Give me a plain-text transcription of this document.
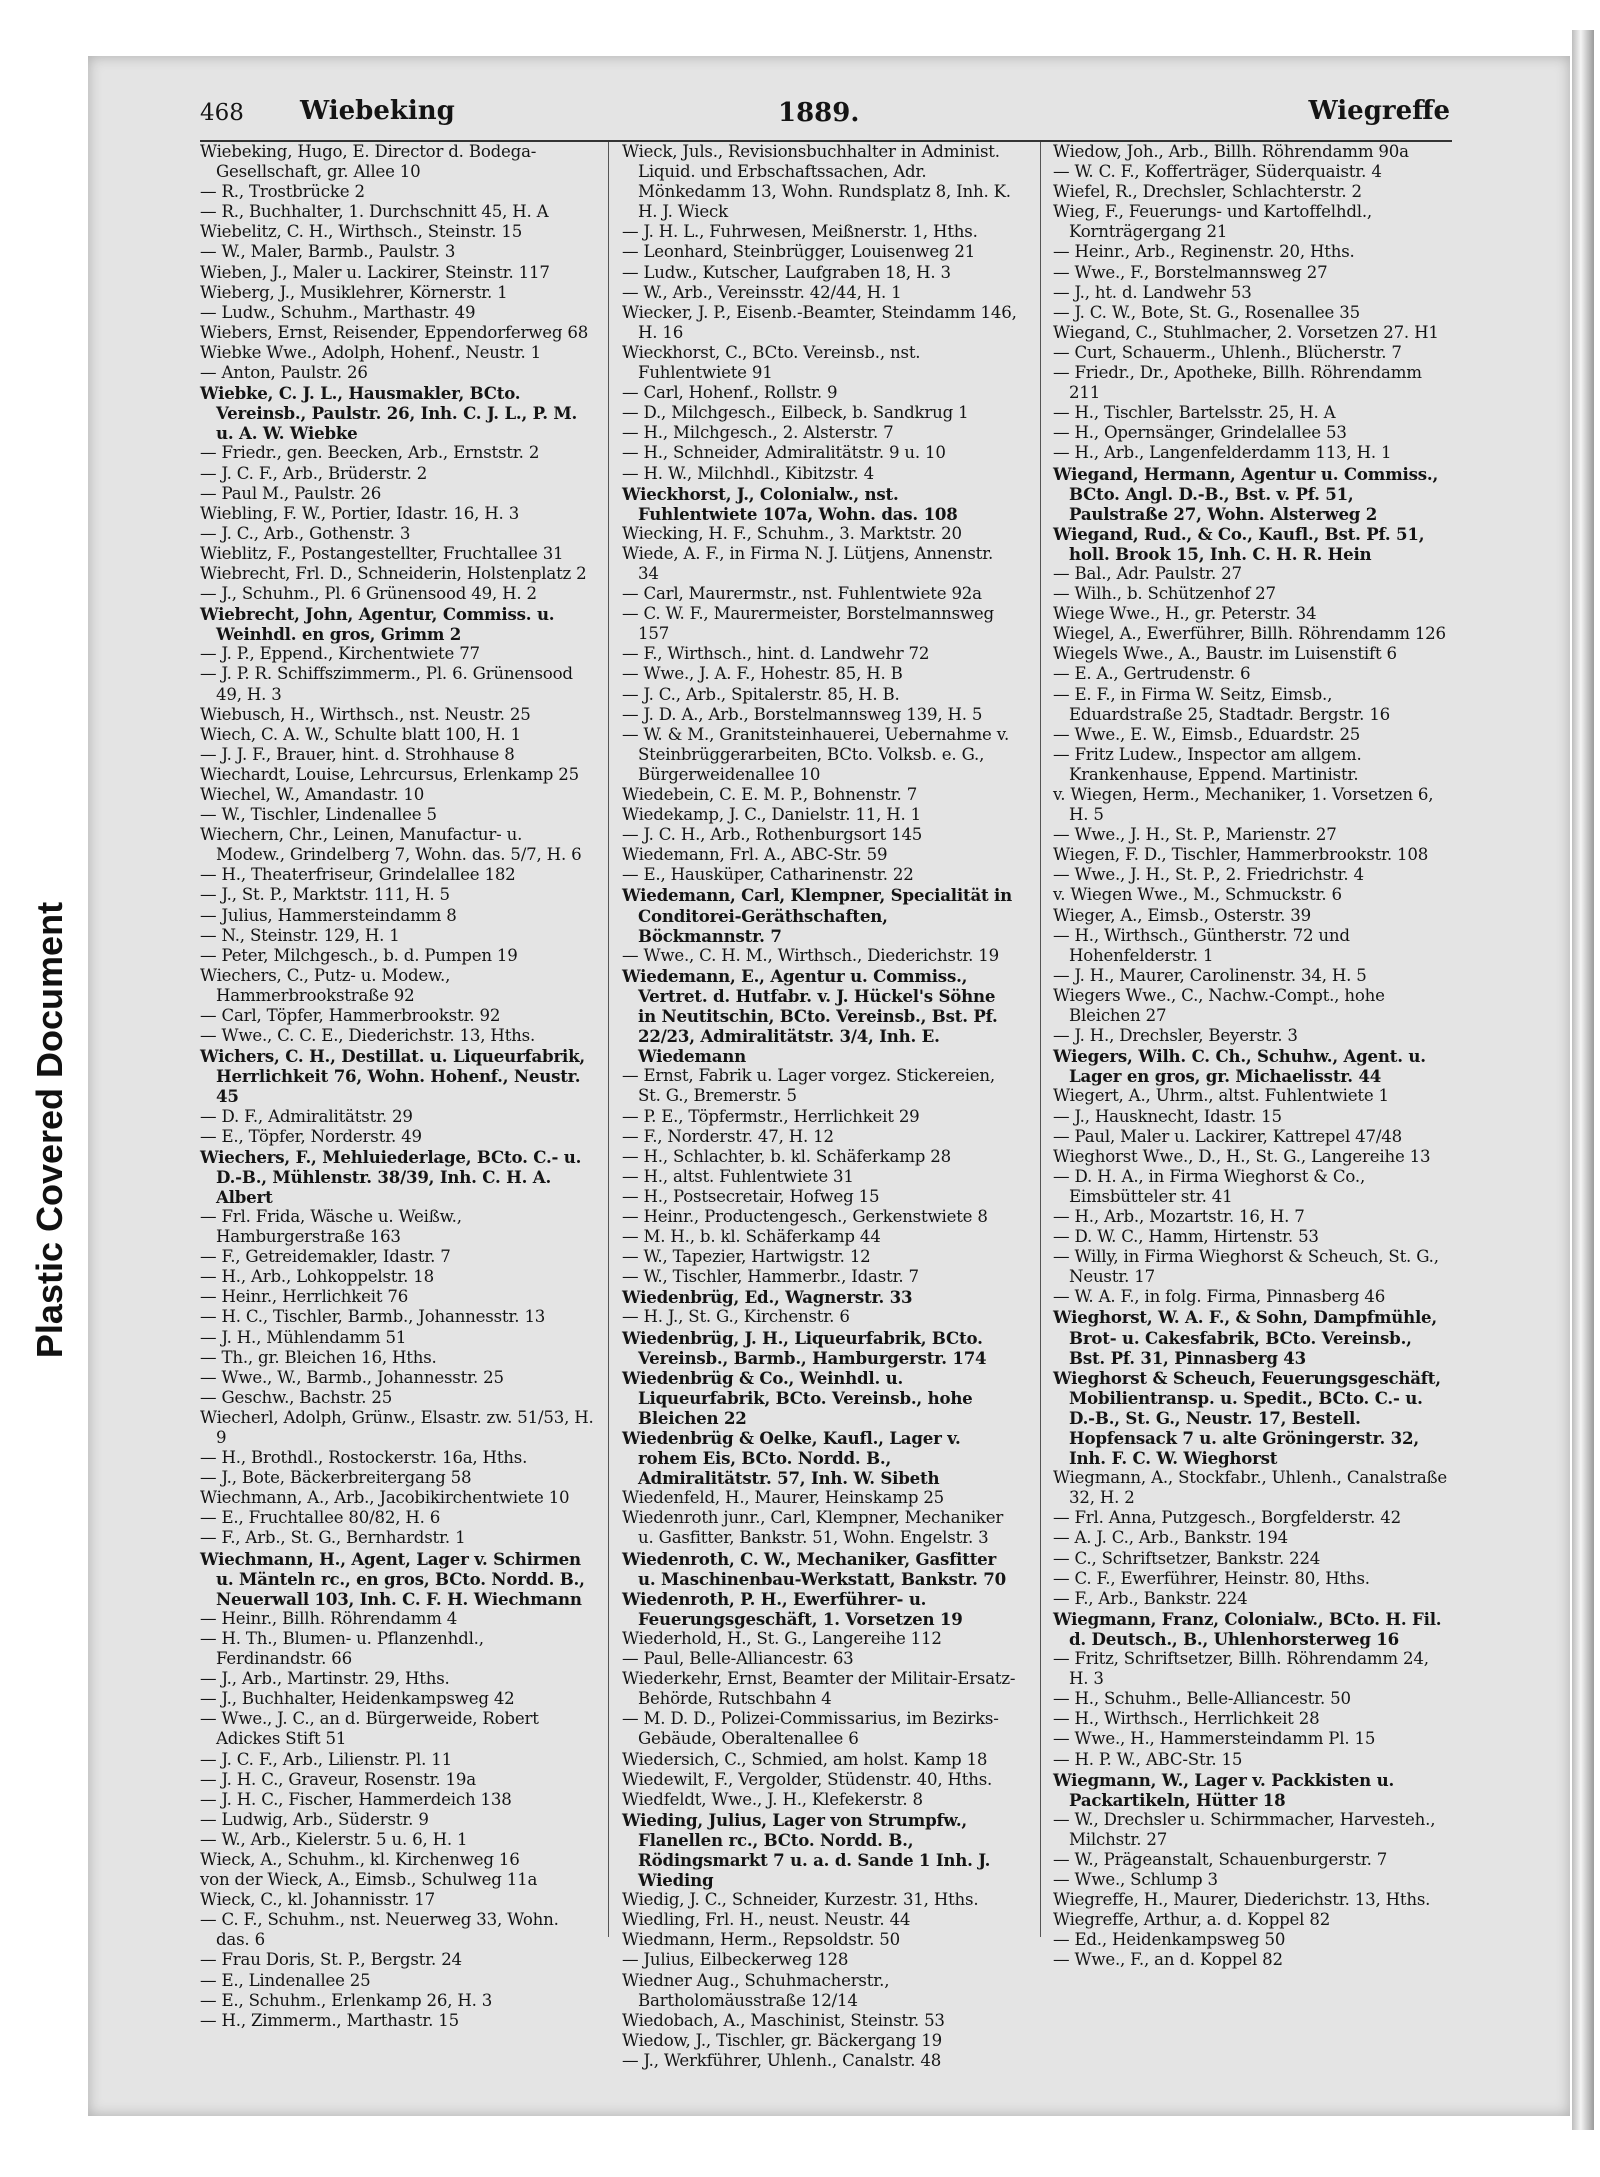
Plastic Covered Document
468 Wiebeking	1889.	Wiegreffe
Wiebeking, Hugo, E. Director d. Bodega-Gesellschaft, gr. Allee 10
— R., Trostbrücke 2
— R., Buchhalter, 1. Durchschnitt 45, H. A
Wiebelitz, C. H., Wirthsch., Steinstr. 15
— W., Maler, Barmb., Paulstr. 3
Wieben, J., Maler u. Lackirer, Steinstr. 117
Wieberg, J., Musiklehrer, Körnerstr. 1
— Ludw., Schuhm., Marthastr. 49
Wiebers, Ernst, Reisender, Eppendorferweg 68
Wiebke Wwe., Adolph, Hohenf., Neustr. 1
— Anton, Paulstr. 26
Wiebke, C. J. L., Hausmakler, BCto. Vereinsb., Paulstr. 26, Inh. C. J. L., P. M. u. A. W. Wiebke
— Friedr., gen. Beecken, Arb., Ernststr. 2
— J. C. F., Arb., Brüderstr. 2
— Paul M., Paulstr. 26
Wiebling, F. W., Portier, Idastr. 16, H. 3
— J. C., Arb., Gothenstr. 3
Wieblitz, F., Postangestellter, Fruchtallee 31
Wiebrecht, Frl. D., Schneiderin, Holstenplatz 2
— J., Schuhm., Pl. 6 Grünensood 49, H. 2
Wiebrecht, John, Agentur, Commiss. u. Weinhdl. en gros, Grimm 2
— J. P., Eppend., Kirchentwiete 77
— J. P. R. Schiffszimmerm., Pl. 6. Grünensood 49, H. 3
Wiebusch, H., Wirthsch., nst. Neustr. 25
Wiech, C. A. W., Schulte blatt 100, H. 1
— J. J. F., Brauer, hint. d. Strohhause 8
Wiechardt, Louise, Lehrcursus, Erlenkamp 25
Wiechel, W., Amandastr. 10
— W., Tischler, Lindenallee 5
Wiechern, Chr., Leinen, Manufactur- u. Modew., Grindelberg 7, Wohn. das. 5/7, H. 6
— H., Theaterfriseur, Grindelallee 182
— J., St. P., Marktstr. 111, H. 5
— Julius, Hammersteindamm 8
— N., Steinstr. 129, H. 1
— Peter, Milchgesch., b. d. Pumpen 19
Wiechers, C., Putz- u. Modew., Hammerbrookstraße 92
— Carl, Töpfer, Hammerbrookstr. 92
— Wwe., C. C. E., Diederichstr. 13, Hths.
Wichers, C. H., Destillat. u. Liqueurfabrik, Herrlichkeit 76, Wohn. Hohenf., Neustr. 45
— D. F., Admiralitätstr. 29
— E., Töpfer, Norderstr. 49
Wiechers, F., Mehluiederlage, BCto. C.- u. D.-B., Mühlenstr. 38/39, Inh. C. H. A. Albert
— Frl. Frida, Wäsche u. Weißw., Hamburgerstraße 163
— F., Getreidemakler, Idastr. 7
— H., Arb., Lohkoppelstr. 18
— Heinr., Herrlichkeit 76
— H. C., Tischler, Barmb., Johannesstr. 13
— J. H., Mühlendamm 51
— Th., gr. Bleichen 16, Hths.
— Wwe., W., Barmb., Johannesstr. 25
— Geschw., Bachstr. 25
Wiecherl, Adolph, Grünw., Elsastr. zw. 51/53, H. 9
— H., Brothdl., Rostockerstr. 16a, Hths.
— J., Bote, Bäckerbreitergang 58
Wiechmann, A., Arb., Jacobikirchentwiete 10
— E., Fruchtallee 80/82, H. 6
— F., Arb., St. G., Bernhardstr. 1
Wiechmann, H., Agent, Lager v. Schirmen u. Mänteln rc., en gros, BCto. Nordd. B., Neuerwall 103, Inh. C. F. H. Wiechmann
— Heinr., Billh. Röhrendamm 4
— H. Th., Blumen- u. Pflanzenhdl., Ferdinandstr. 66
— J., Arb., Martinstr. 29, Hths.
— J., Buchhalter, Heidenkampsweg 42
— Wwe., J. C., an d. Bürgerweide, Robert Adickes Stift 51
— J. C. F., Arb., Lilienstr. Pl. 11
— J. H. C., Graveur, Rosenstr. 19a
— J. H. C., Fischer, Hammerdeich 138
— Ludwig, Arb., Süderstr. 9
— W., Arb., Kielerstr. 5 u. 6, H. 1
Wieck, A., Schuhm., kl. Kirchenweg 16
von der Wieck, A., Eimsb., Schulweg 11a
Wieck, C., kl. Johannisstr. 17
— C. F., Schuhm., nst. Neuerweg 33, Wohn. das. 6
— Frau Doris, St. P., Bergstr. 24
— E., Lindenallee 25
— E., Schuhm., Erlenkamp 26, H. 3
— H., Zimmerm., Marthastr. 15
Wieck, Juls., Revisionsbuchhalter in Administ. Liquid. und Erbschaftssachen, Adr. Mönkedamm 13, Wohn. Rundsplatz 8, Inh. K. H. J. Wieck
— J. H. L., Fuhrwesen, Meißnerstr. 1, Hths.
— Leonhard, Steinbrügger, Louisenweg 21
— Ludw., Kutscher, Laufgraben 18, H. 3
— W., Arb., Vereinsstr. 42/44, H. 1
Wiecker, J. P., Eisenb.-Beamter, Steindamm 146, H. 16
Wieckhorst, C., BCto. Vereinsb., nst. Fuhlentwiete 91
— Carl, Hohenf., Rollstr. 9
— D., Milchgesch., Eilbeck, b. Sandkrug 1
— H., Milchgesch., 2. Alsterstr. 7
— H., Schneider, Admiralitätstr. 9 u. 10
— H. W., Milchhdl., Kibitzstr. 4
Wieckhorst, J., Colonialw., nst. Fuhlentwiete 107a, Wohn. das. 108
Wiecking, H. F., Schuhm., 3. Marktstr. 20
Wiede, A. F., in Firma N. J. Lütjens, Annenstr. 34
— Carl, Maurermstr., nst. Fuhlentwiete 92a
— C. W. F., Maurermeister, Borstelmannsweg 157
— F., Wirthsch., hint. d. Landwehr 72
— Wwe., J. A. F., Hohestr. 85, H. B
— J. C., Arb., Spitalerstr. 85, H. B.
— J. D. A., Arb., Borstelmannsweg 139, H. 5
— W. & M., Granitsteinhauerei, Uebernahme v. Steinbrüggerarbeiten, BCto. Volksb. e. G., Bürgerweidenallee 10
Wiedebein, C. E. M. P., Bohnenstr. 7
Wiedekamp, J. C., Danielstr. 11, H. 1
— J. C. H., Arb., Rothenburgsort 145
Wiedemann, Frl. A., ABC-Str. 59
— E., Hausküper, Catharinenstr. 22
Wiedemann, Carl, Klempner, Specialität in Conditorei-Geräthschaften, Böckmannstr. 7
— Wwe., C. H. M., Wirthsch., Diederichstr. 19
Wiedemann, E., Agentur u. Commiss., Vertret. d. Hutfabr. v. J. Hückel's Söhne in Neutitschin, BCto. Vereinsb., Bst. Pf. 22/23, Admiralitätstr. 3/4, Inh. E. Wiedemann
— Ernst, Fabrik u. Lager vorgez. Stickereien, St. G., Bremerstr. 5
— P. E., Töpfermstr., Herrlichkeit 29
— F., Norderstr. 47, H. 12
— H., Schlachter, b. kl. Schäferkamp 28
— H., altst. Fuhlentwiete 31
— H., Postsecretair, Hofweg 15
— Heinr., Productengesch., Gerkenstwiete 8
— M. H., b. kl. Schäferkamp 44
— W., Tapezier, Hartwigstr. 12
— W., Tischler, Hammerbr., Idastr. 7
Wiedenbrüg, Ed., Wagnerstr. 33
— H. J., St. G., Kirchenstr. 6
Wiedenbrüg, J. H., Liqueurfabrik, BCto. Vereinsb., Barmb., Hamburgerstr. 174
Wiedenbrüg & Co., Weinhdl. u. Liqueurfabrik, BCto. Vereinsb., hohe Bleichen 22
Wiedenbrüg & Oelke, Kaufl., Lager v. rohem Eis, BCto. Nordd. B., Admiralitätstr. 57, Inh. W. Sibeth
Wiedenfeld, H., Maurer, Heinskamp 25
Wiedenroth junr., Carl, Klempner, Mechaniker u. Gasfitter, Bankstr. 51, Wohn. Engelstr. 3
Wiedenroth, C. W., Mechaniker, Gasfitter u. Maschinenbau-Werkstatt, Bankstr. 70
Wiedenroth, P. H., Ewerführer- u. Feuerungsgeschäft, 1. Vorsetzen 19
Wiederhold, H., St. G., Langereihe 112
— Paul, Belle-Alliancestr. 63
Wiederkehr, Ernst, Beamter der Militair-Ersatz-Behörde, Rutschbahn 4
— M. D. D., Polizei-Commissarius, im Bezirks-Gebäude, Oberaltenallee 6
Wiedersich, C., Schmied, am holst. Kamp 18
Wiedewilt, F., Vergolder, Stüdenstr. 40, Hths.
Wiedfeldt, Wwe., J. H., Klefekerstr. 8
Wieding, Julius, Lager von Strumpfw., Flanellen rc., BCto. Nordd. B., Rödingsmarkt 7 u. a. d. Sande 1 Inh. J. Wieding
Wiedig, J. C., Schneider, Kurzestr. 31, Hths.
Wiedling, Frl. H., neust. Neustr. 44
Wiedmann, Herm., Repsoldstr. 50
— Julius, Eilbeckerweg 128
Wiedner Aug., Schuhmacherstr., Bartholomäusstraße 12/14
Wiedobach, A., Maschinist, Steinstr. 53
Wiedow, J., Tischler, gr. Bäckergang 19
— J., Werkführer, Uhlenh., Canalstr. 48
Wiedow, Joh., Arb., Billh. Röhrendamm 90a
— W. C. F., Kofferträger, Süderquaistr. 4
Wiefel, R., Drechsler, Schlachterstr. 2
Wieg, F., Feuerungs- und Kartoffelhdl., Kornträgergang 21
— Heinr., Arb., Reginenstr. 20, Hths.
— Wwe., F., Borstelmannsweg 27
— J., ht. d. Landwehr 53
— J. C. W., Bote, St. G., Rosenallee 35
Wiegand, C., Stuhlmacher, 2. Vorsetzen 27. H1
— Curt, Schauerm., Uhlenh., Blücherstr. 7
— Friedr., Dr., Apotheke, Billh. Röhrendamm 211
— H., Tischler, Bartelsstr. 25, H. A
— H., Opernsänger, Grindelallee 53
— H., Arb., Langenfelderdamm 113, H. 1
Wiegand, Hermann, Agentur u. Commiss., BCto. Angl. D.-B., Bst. v. Pf. 51, Paulstraße 27, Wohn. Alsterweg 2
Wiegand, Rud., & Co., Kaufl., Bst. Pf. 51, holl. Brook 15, Inh. C. H. R. Hein
— Bal., Adr. Paulstr. 27
— Wilh., b. Schützenhof 27
Wiege Wwe., H., gr. Peterstr. 34
Wiegel, A., Ewerführer, Billh. Röhrendamm 126
Wiegels Wwe., A., Baustr. im Luisenstift 6
— E. A., Gertrudenstr. 6
— E. F., in Firma W. Seitz, Eimsb., Eduardstraße 25, Stadtadr. Bergstr. 16
— Wwe., E. W., Eimsb., Eduardstr. 25
— Fritz Ludew., Inspector am allgem. Krankenhause, Eppend. Martinistr.
v. Wiegen, Herm., Mechaniker, 1. Vorsetzen 6, H. 5
— Wwe., J. H., St. P., Marienstr. 27
Wiegen, F. D., Tischler, Hammerbrookstr. 108
— Wwe., J. H., St. P., 2. Friedrichstr. 4
v. Wiegen Wwe., M., Schmuckstr. 6
Wieger, A., Eimsb., Osterstr. 39
— H., Wirthsch., Güntherstr. 72 und Hohenfelderstr. 1
— J. H., Maurer, Carolinenstr. 34, H. 5
Wiegers Wwe., C., Nachw.-Compt., hohe Bleichen 27
— J. H., Drechsler, Beyerstr. 3
Wiegers, Wilh. C. Ch., Schuhw., Agent. u. Lager en gros, gr. Michaelisstr. 44
Wiegert, A., Uhrm., altst. Fuhlentwiete 1
— J., Hausknecht, Idastr. 15
— Paul, Maler u. Lackirer, Kattrepel 47/48
Wieghorst Wwe., D., H., St. G., Langereihe 13
— D. H. A., in Firma Wieghorst & Co., Eimsbütteler str. 41
— H., Arb., Mozartstr. 16, H. 7
— D. W. C., Hamm, Hirtenstr. 53
— Willy, in Firma Wieghorst & Scheuch, St. G., Neustr. 17
— W. A. F., in folg. Firma, Pinnasberg 46
Wieghorst, W. A. F., & Sohn, Dampfmühle, Brot- u. Cakesfabrik, BCto. Vereinsb., Bst. Pf. 31, Pinnasberg 43
Wieghorst & Scheuch, Feuerungsgeschäft, Mobilientransp. u. Spedit., BCto. C.- u. D.-B., St. G., Neustr. 17, Bestell. Hopfensack 7 u. alte Gröningerstr. 32, Inh. F. C. W. Wieghorst
Wiegmann, A., Stockfabr., Uhlenh., Canalstraße 32, H. 2
— Frl. Anna, Putzgesch., Borgfelderstr. 42
— A. J. C., Arb., Bankstr. 194
— C., Schriftsetzer, Bankstr. 224
— C. F., Ewerführer, Heinstr. 80, Hths.
— F., Arb., Bankstr. 224
Wiegmann, Franz, Colonialw., BCto. H. Fil. d. Deutsch., B., Uhlenhorsterweg 16
— Fritz, Schriftsetzer, Billh. Röhrendamm 24, H. 3
— H., Schuhm., Belle-Alliancestr. 50
— H., Wirthsch., Herrlichkeit 28
— Wwe., H., Hammersteindamm Pl. 15
— H. P. W., ABC-Str. 15
Wiegmann, W., Lager v. Packkisten u. Packartikeln, Hütter 18
— W., Drechsler u. Schirmmacher, Harvesteh., Milchstr. 27
— W., Prägeanstalt, Schauenburgerstr. 7
— Wwe., Schlump 3
Wiegreffe, H., Maurer, Diederichstr. 13, Hths.
Wiegreffe, Arthur, a. d. Koppel 82
— Ed., Heidenkampsweg 50
— Wwe., F., an d. Koppel 82
